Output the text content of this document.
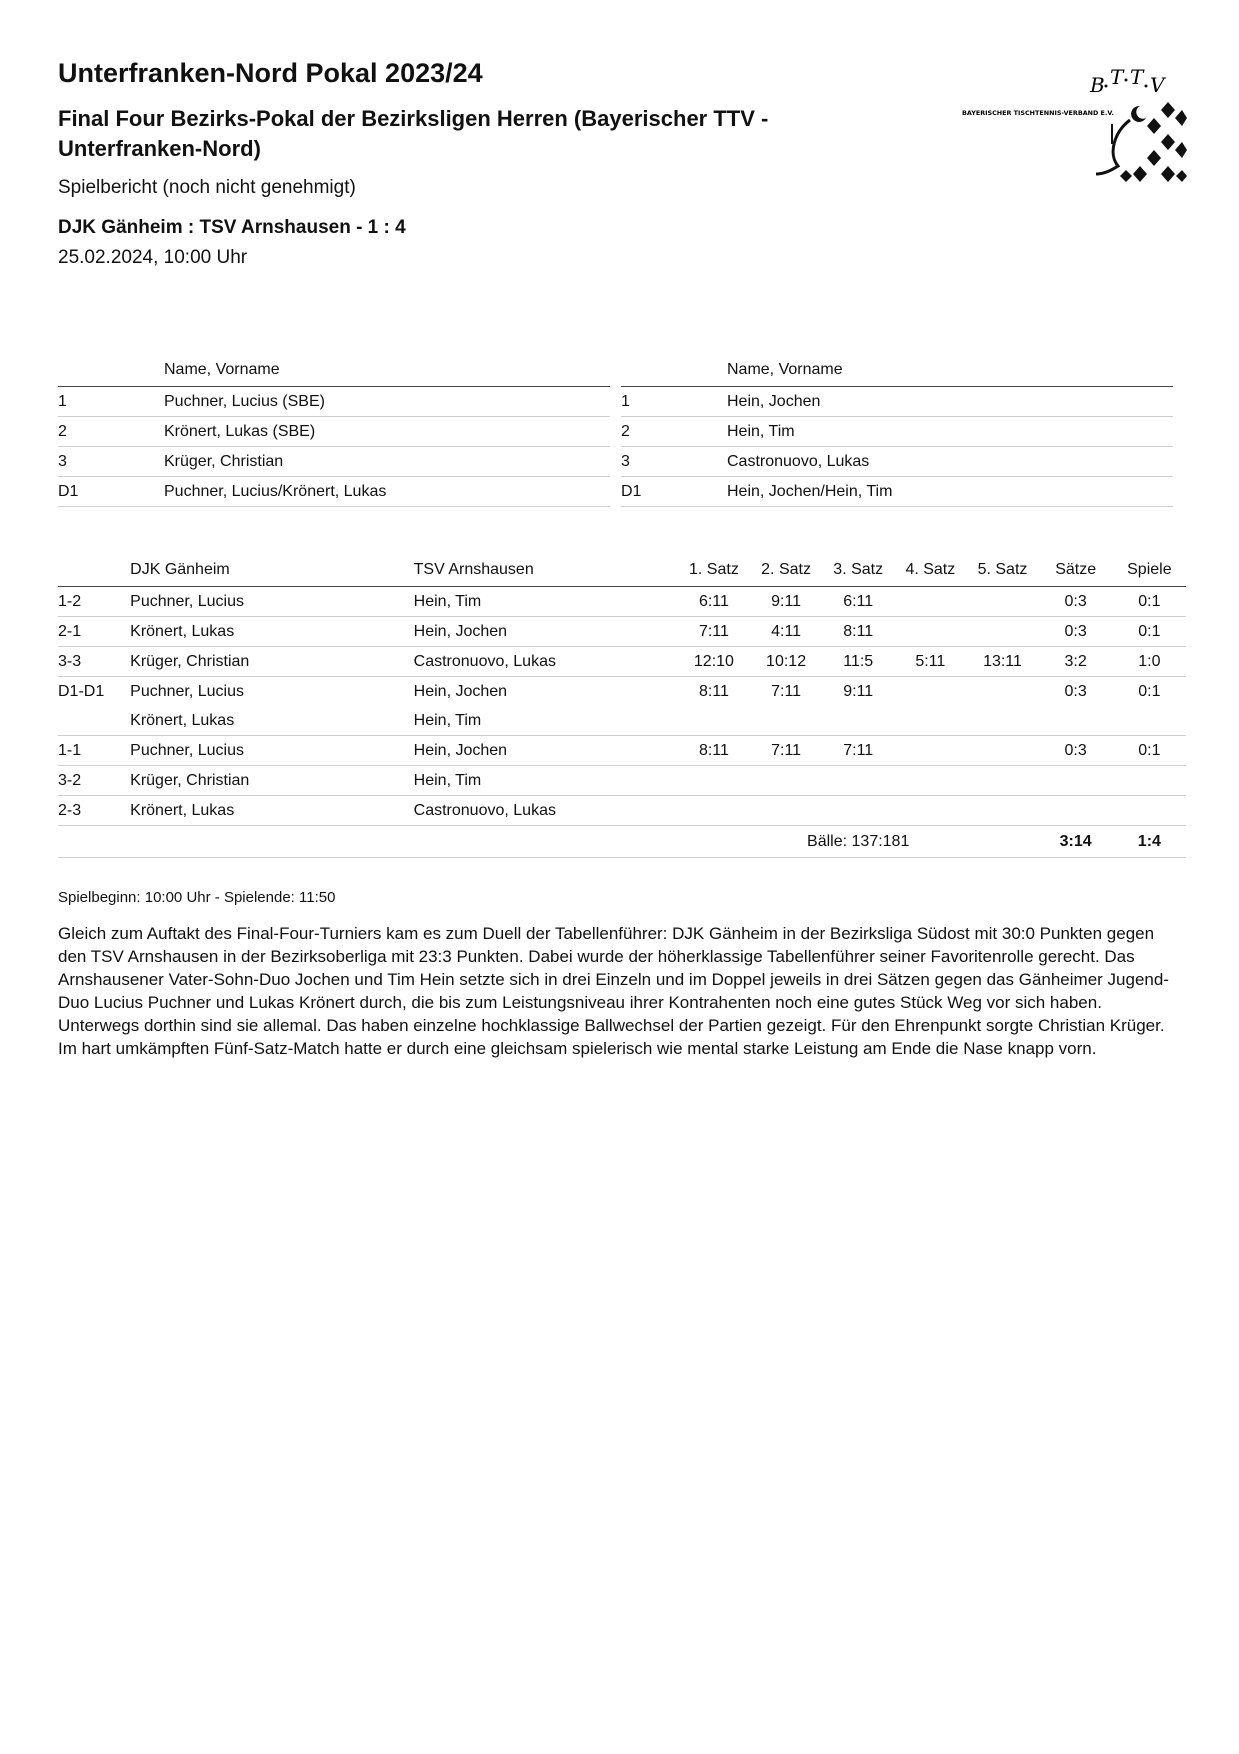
Unterfranken-Nord Pokal 2023/24
Final Four Bezirks-Pokal der Bezirksligen Herren (Bayerischer TTV - Unterfranken-Nord)
Spielbericht (noch nicht genehmigt)
DJK Gänheim : TSV Arnshausen - 1 : 4
25.02.2024, 10:00 Uhr
	Name, Vorname
1	Puchner, Lucius (SBE)
2	Krönert, Lukas (SBE)
3	Krüger, Christian
D1	Puchner, Lucius/Krönert, Lukas
	Name, Vorname
1	Hein, Jochen
2	Hein, Tim
3	Castronuovo, Lukas
D1	Hein, Jochen/Hein, Tim
	DJK Gänheim	TSV Arnshausen	1. Satz	2. Satz	3. Satz	4. Satz	5. Satz	Sätze	Spiele
1-2	Puchner, Lucius	Hein, Tim	6:11	9:11	6:11			0:3	0:1
2-1	Krönert, Lukas	Hein, Jochen	7:11	4:11	8:11			0:3	0:1
3-3	Krüger, Christian	Castronuovo, Lukas	12:10	10:12	11:5	5:11	13:11	3:2	1:0
D1-D1	Puchner, Lucius	Hein, Jochen	8:11	7:11	9:11			0:3	0:1
	Krönert, Lukas	Hein, Tim							
1-1	Puchner, Lucius	Hein, Jochen	8:11	7:11	7:11			0:3	0:1
3-2	Krüger, Christian	Hein, Tim							
2-3	Krönert, Lukas	Castronuovo, Lukas							
				Bälle: 137:181				3:14	1:4
Spielbeginn: 10:00 Uhr - Spielende: 11:50

Gleich zum Auftakt des Final-Four-Turniers kam es zum Duell der Tabellenführer: DJK Gänheim in der Bezirksliga Südost mit 30:0 Punkten gegen den TSV Arnshausen in der Bezirksoberliga mit 23:3 Punkten. Dabei wurde der höherklassige Tabellenführer seiner Favoritenrolle gerecht. Das Arnshausener Vater-Sohn-Duo Jochen und Tim Hein setzte sich in drei Einzeln und im Doppel jeweils in drei Sätzen gegen das Gänheimer Jugend-Duo Lucius Puchner und Lukas Krönert durch, die bis zum Leistungsniveau ihrer Kontrahenten noch eine gutes Stück Weg vor sich haben. Unterwegs dorthin sind sie allemal. Das haben einzelne hochklassige Ballwechsel der Partien gezeigt. Für den Ehrenpunkt sorgte Christian Krüger. Im hart umkämpften Fünf-Satz-Match hatte er durch eine gleichsam spielerisch wie mental starke Leistung am Ende die Nase knapp vorn.

B T T V
BAYERISCHER TISCHTENNIS-VERBAND E.V.
